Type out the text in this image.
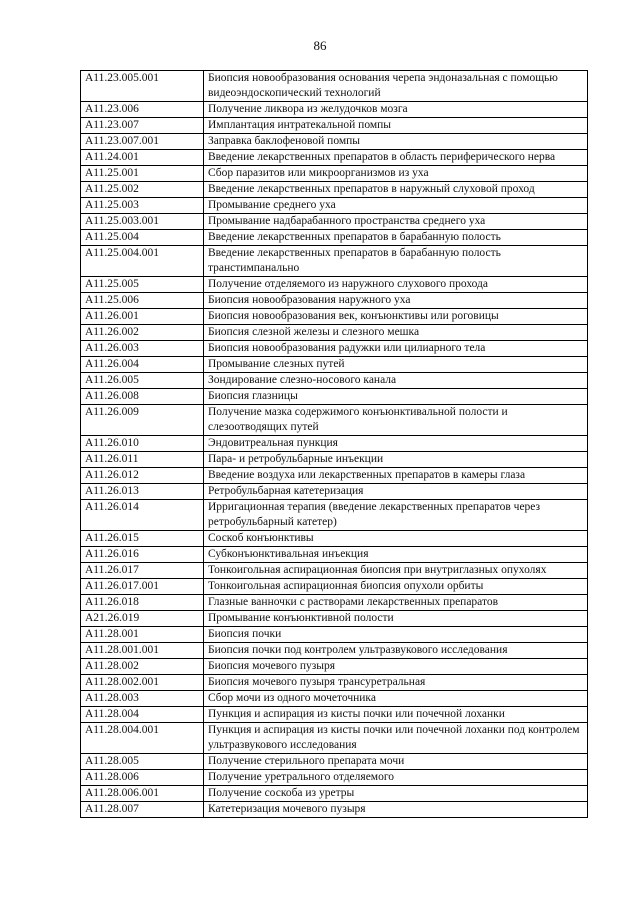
86
A11.23.005.001	Биопсия новообразования основания черепа эндоназальная с помощью видеоэндоскопический технологий
A11.23.006	Получение ликвора из желудочков мозга
A11.23.007	Имплантация интратекальной помпы
A11.23.007.001	Заправка баклофеновой помпы
A11.24.001	Введение лекарственных препаратов в область периферического нерва
A11.25.001	Сбор паразитов или микроорганизмов из уха
A11.25.002	Введение лекарственных препаратов в наружный слуховой проход
A11.25.003	Промывание среднего уха
A11.25.003.001	Промывание надбарабанного пространства среднего уха
A11.25.004	Введение лекарственных препаратов в барабанную полость
A11.25.004.001	Введение лекарственных препаратов в барабанную полость транстимпанально
A11.25.005	Получение отделяемого из наружного слухового прохода
A11.25.006	Биопсия новообразования наружного уха
A11.26.001	Биопсия новообразования век, конъюнктивы или роговицы
A11.26.002	Биопсия слезной железы и слезного мешка
A11.26.003	Биопсия новообразования радужки или цилиарного тела
A11.26.004	Промывание слезных путей
A11.26.005	Зондирование слезно-носового канала
A11.26.008	Биопсия глазницы
A11.26.009	Получение мазка содержимого конъюнктивальной полости и слезоотводящих путей
A11.26.010	Эндовитреальная пункция
A11.26.011	Пара- и ретробульбарные инъекции
A11.26.012	Введение воздуха или лекарственных препаратов в камеры глаза
A11.26.013	Ретробульбарная катетеризация
A11.26.014	Ирригационная терапия (введение лекарственных препаратов через ретробульбарный катетер)
A11.26.015	Соскоб конъюнктивы
A11.26.016	Субконъюнктивальная инъекция
A11.26.017	Тонкоигольная аспирационная биопсия при внутриглазных опухолях
A11.26.017.001	Тонкоигольная аспирационная биопсия опухоли орбиты
A11.26.018	Глазные ванночки с растворами лекарственных препаратов
A21.26.019	Промывание конъюнктивной полости
A11.28.001	Биопсия почки
A11.28.001.001	Биопсия почки под контролем ультразвукового исследования
A11.28.002	Биопсия мочевого пузыря
A11.28.002.001	Биопсия мочевого пузыря трансуретральная
A11.28.003	Сбор мочи из одного мочеточника
A11.28.004	Пункция и аспирация из кисты почки или почечной лоханки
A11.28.004.001	Пункция и аспирация из кисты почки или почечной лоханки под контролем ультразвукового исследования
A11.28.005	Получение стерильного препарата мочи
A11.28.006	Получение уретрального отделяемого
A11.28.006.001	Получение соскоба из уретры
A11.28.007	Катетеризация мочевого пузыря
